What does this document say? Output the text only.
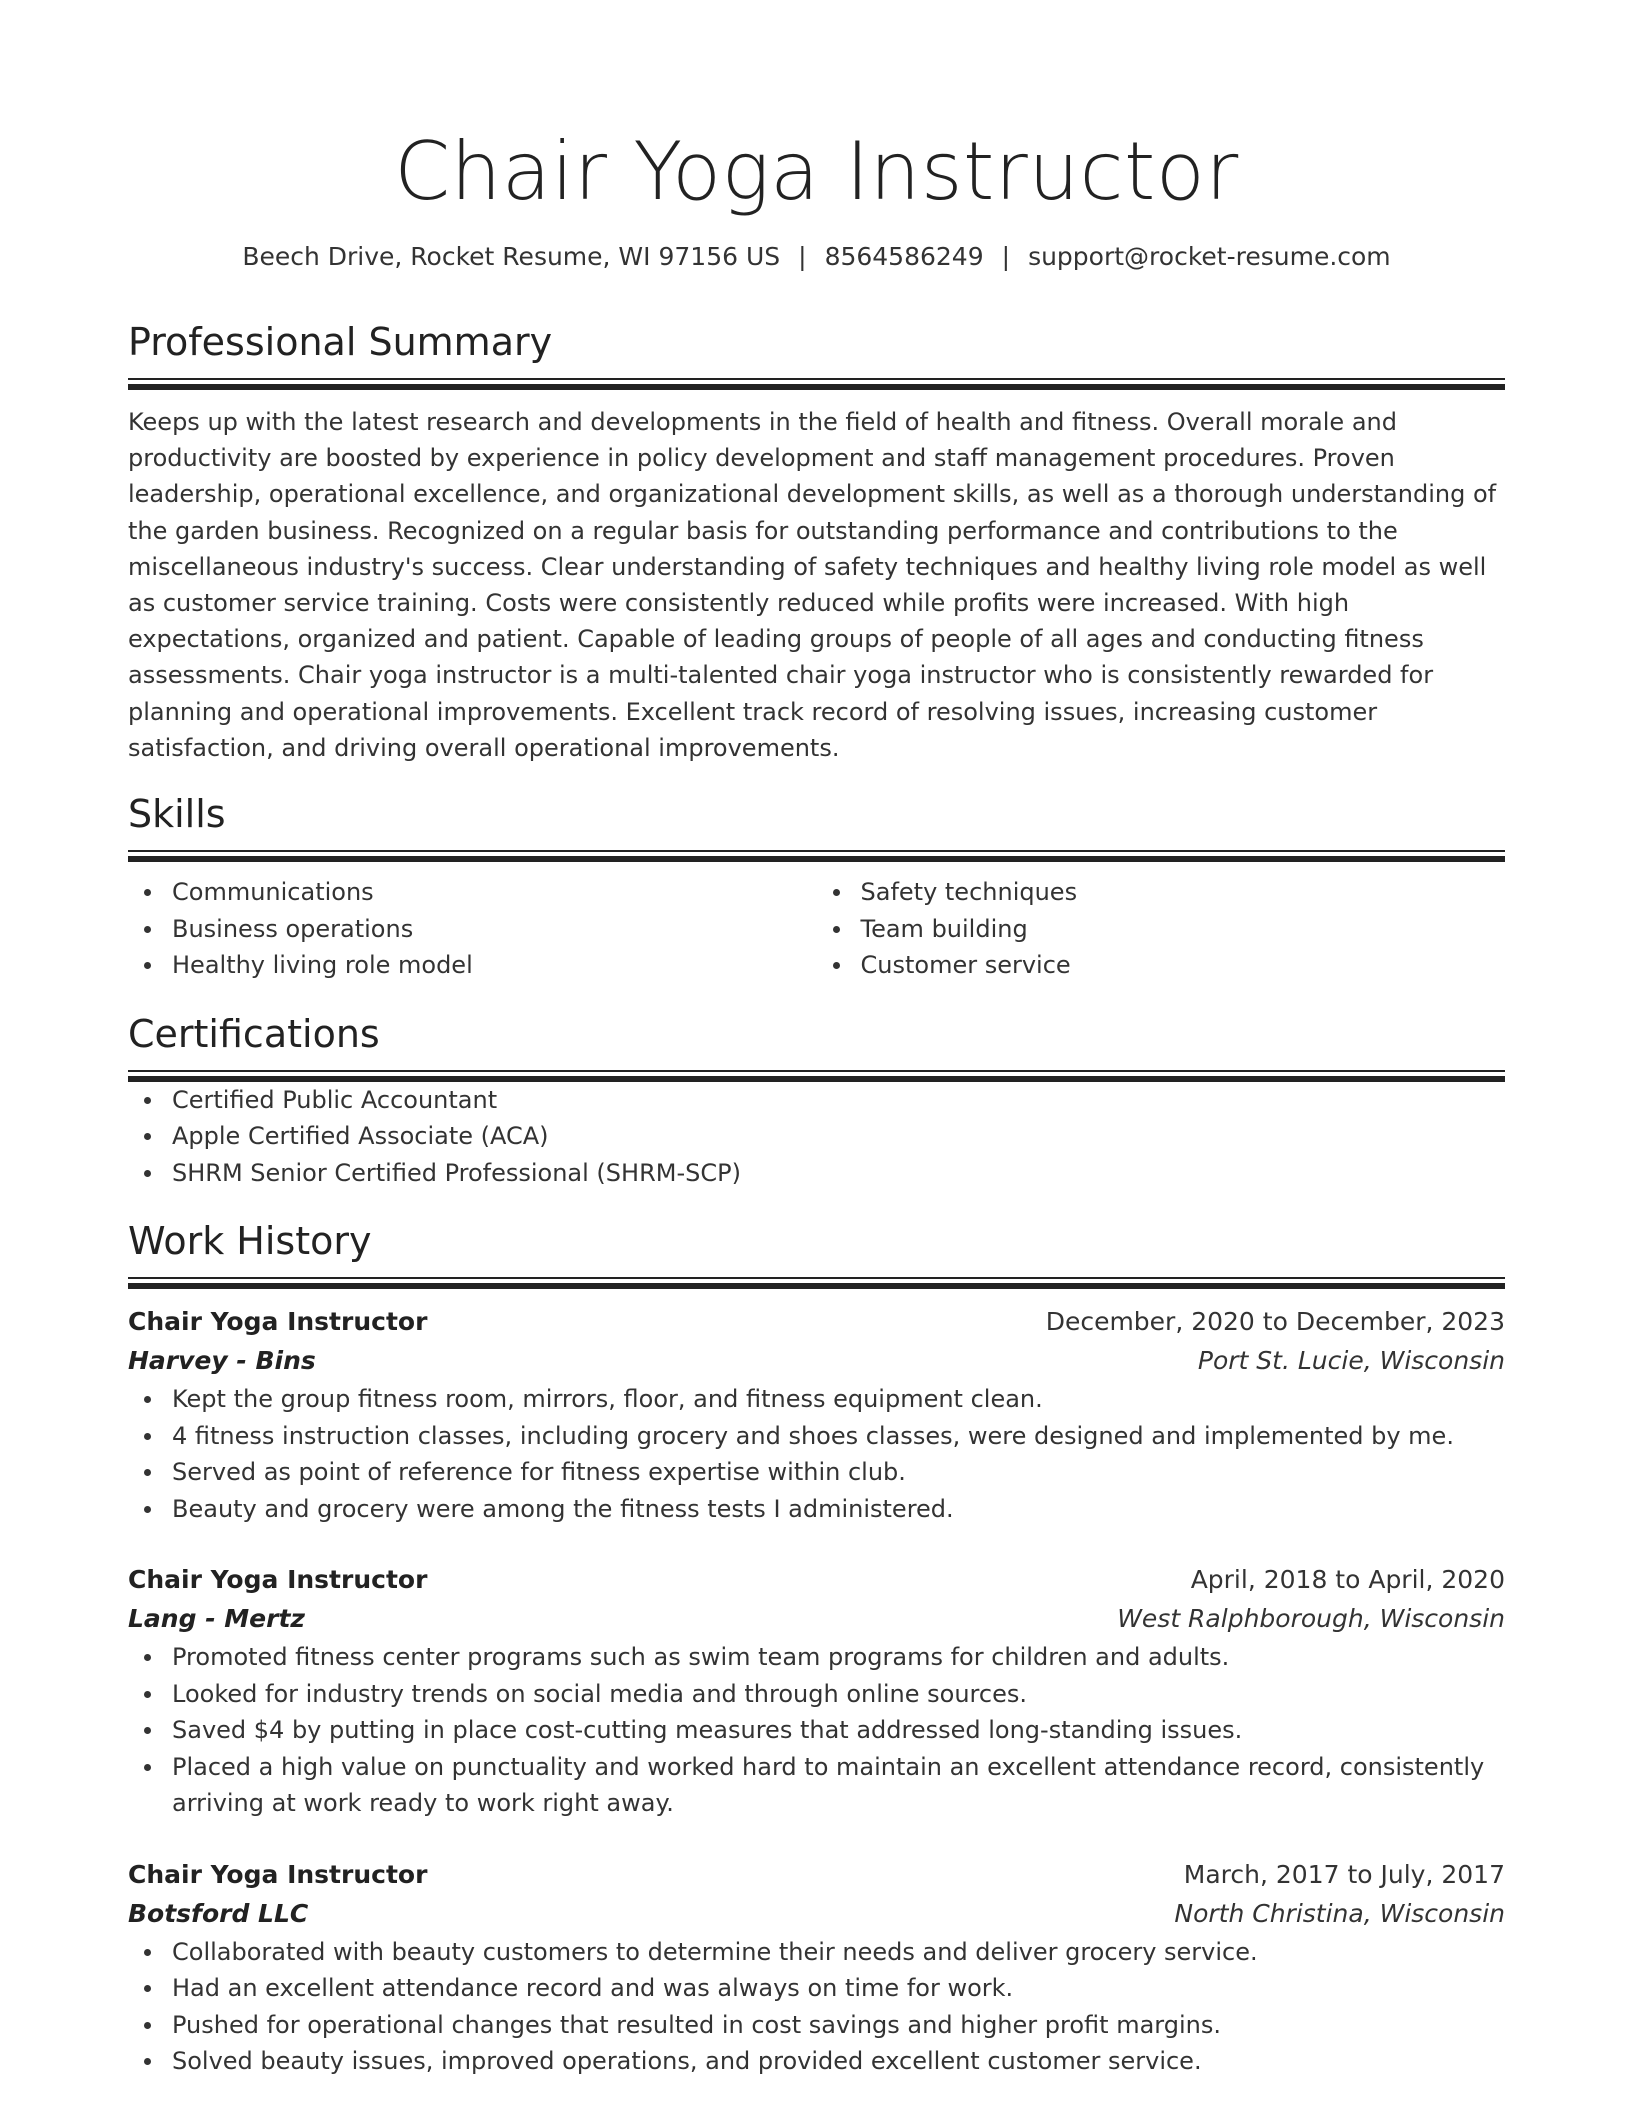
Chair Yoga Instructor
Beech Drive, Rocket Resume, WI 97156 US | 8564586249 | support@rocket-resume.com
Professional Summary

Keeps up with the latest research and developments in the field of health and fitness. Overall morale and productivity are boosted by experience in policy development and staff management procedures. Proven leadership, operational excellence, and organizational development skills, as well as a thorough understanding of the garden business. Recognized on a regular basis for outstanding performance and contributions to the miscellaneous industry's success. Clear understanding of safety techniques and healthy living role model as well as customer service training. Costs were consistently reduced while profits were increased. With high expectations, organized and patient. Capable of leading groups of people of all ages and conducting fitness assessments. Chair yoga instructor is a multi-talented chair yoga instructor who is consistently rewarded for planning and operational improvements. Excellent track record of resolving issues, increasing customer satisfaction, and driving overall operational improvements.

Skills
Communications
Business operations
Healthy living role model
Safety techniques
Team building
Customer service
Certifications
Certified Public Accountant
Apple Certified Associate (ACA)
SHRM Senior Certified Professional (SHRM-SCP)
Work History
Chair Yoga Instructor	December, 2020 to December, 2023
Harvey - Bins	Port St. Lucie, Wisconsin
Kept the group fitness room, mirrors, floor, and fitness equipment clean.
4 fitness instruction classes, including grocery and shoes classes, were designed and implemented by me.
Served as point of reference for fitness expertise within club.
Beauty and grocery were among the fitness tests I administered.
Chair Yoga Instructor	April, 2018 to April, 2020
Lang - Mertz	West Ralphborough, Wisconsin
Promoted fitness center programs such as swim team programs for children and adults.
Looked for industry trends on social media and through online sources.
Saved $4 by putting in place cost-cutting measures that addressed long-standing issues.
Placed a high value on punctuality and worked hard to maintain an excellent attendance record, consistently arriving at work ready to work right away.
Chair Yoga Instructor	March, 2017 to July, 2017
Botsford LLC	North Christina, Wisconsin
Collaborated with beauty customers to determine their needs and deliver grocery service.
Had an excellent attendance record and was always on time for work.
Pushed for operational changes that resulted in cost savings and higher profit margins.
Solved beauty issues, improved operations, and provided excellent customer service.
